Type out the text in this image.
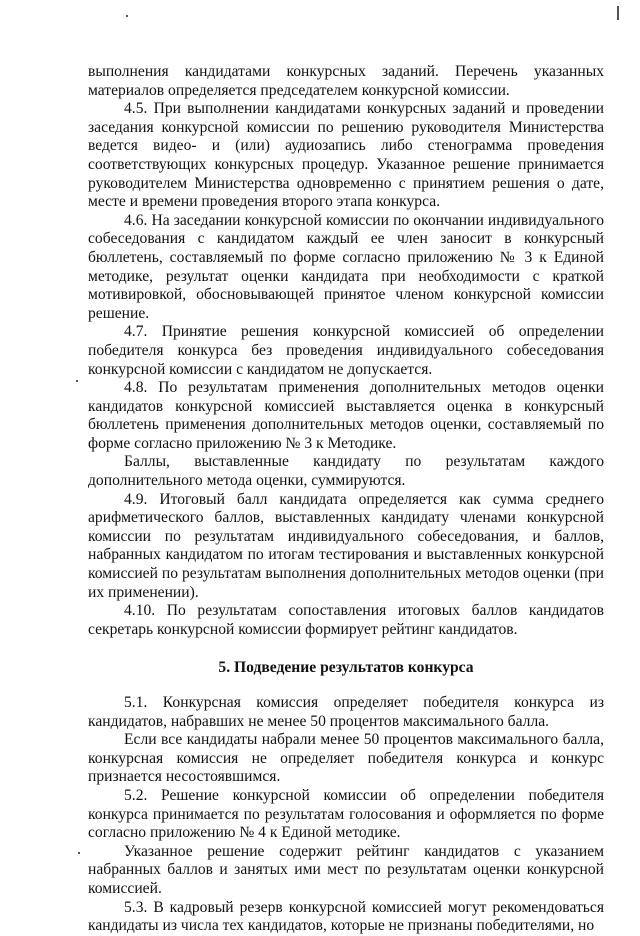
выполнения кандидатами конкурсных заданий. Перечень указанных материалов определяется председателем конкурсной комиссии.

4.5. При выполнении кандидатами конкурсных заданий и проведении заседания конкурсной комиссии по решению руководителя Министерства ведется видео- и (или) аудиозапись либо стенограмма проведения соответствующих конкурсных процедур. Указанное решение принимается руководителем Министерства одновременно с принятием решения о дате, месте и времени проведения второго этапа конкурса.

4.6. На заседании конкурсной комиссии по окончании индивидуального собеседования с кандидатом каждый ее член заносит в конкурсный бюллетень, составляемый по форме согласно приложению № 3 к Единой методике, результат оценки кандидата при необходимости с краткой мотивировкой, обосновывающей принятое членом конкурсной комиссии решение.

4.7. Принятие решения конкурсной комиссией об определении победителя конкурса без проведения индивидуального собеседования конкурсной комиссии с кандидатом не допускается.

4.8. По результатам применения дополнительных методов оценки кандидатов конкурсной комиссией выставляется оценка в конкурсный бюллетень применения дополнительных методов оценки, составляемый по форме согласно приложению № 3 к Методике.

Баллы, выставленные кандидату по результатам каждого дополнительного метода оценки, суммируются.

4.9. Итоговый балл кандидата определяется как сумма среднего арифметического баллов, выставленных кандидату членами конкурсной комиссии по результатам индивидуального собеседования, и баллов, набранных кандидатом по итогам тестирования и выставленных конкурсной комиссией по результатам выполнения дополнительных методов оценки (при их применении).

4.10. По результатам сопоставления итоговых баллов кандидатов секретарь конкурсной комиссии формирует рейтинг кандидатов.

5. Подведение результатов конкурса

5.1. Конкурсная комиссия определяет победителя конкурса из кандидатов, набравших не менее 50 процентов максимального балла.

Если все кандидаты набрали менее 50 процентов максимального балла, конкурсная комиссия не определяет победителя конкурса и конкурс признается несостоявшимся.

5.2. Решение конкурсной комиссии об определении победителя конкурса принимается по результатам голосования и оформляется по форме согласно приложению № 4 к Единой методике.

Указанное решение содержит рейтинг кандидатов с указанием набранных баллов и занятых ими мест по результатам оценки конкурсной комиссией.

5.3. В кадровый резерв конкурсной комиссией могут рекомендоваться кандидаты из числа тех кандидатов, которые не признаны победителями, но
